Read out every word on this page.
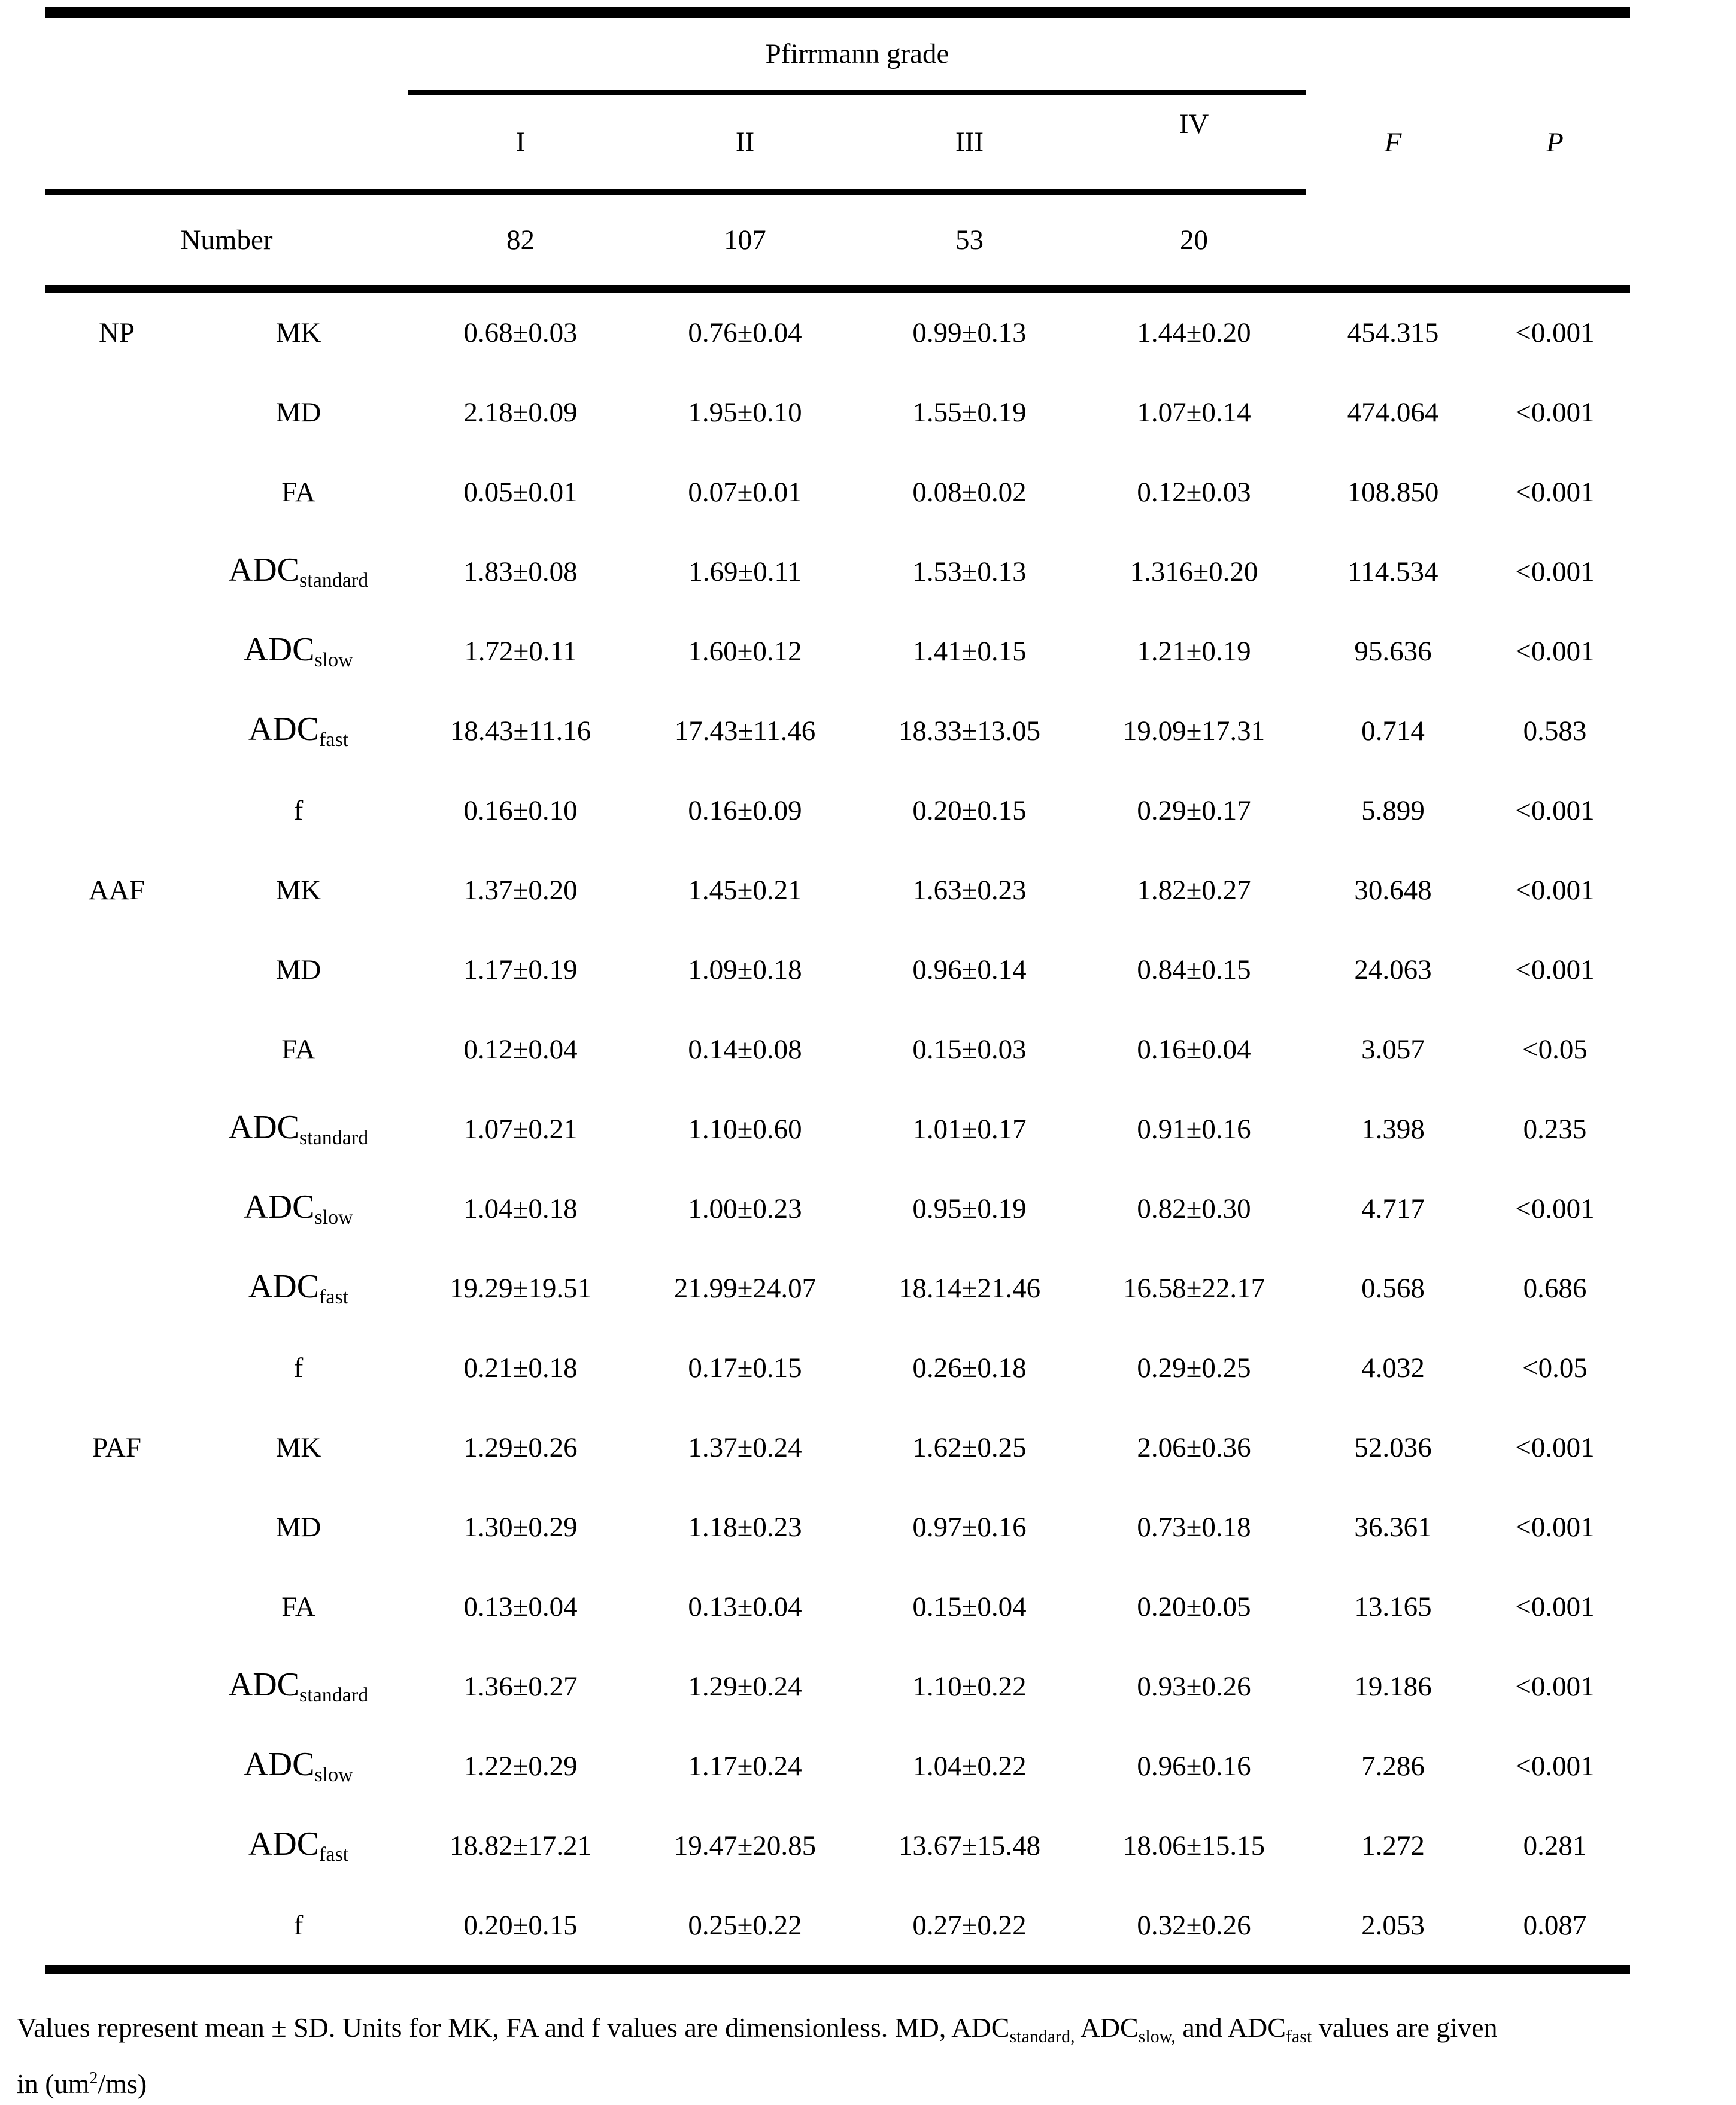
		Pfirrmann grade					
		I	II	III	IV	F	P
Number		82	107	53	20		
NP	MK	0.68±0.03	0.76±0.04	0.99±0.13	1.44±0.20	454.315	<0.001
	MD	2.18±0.09	1.95±0.10	1.55±0.19	1.07±0.14	474.064	<0.001
	FA	0.05±0.01	0.07±0.01	0.08±0.02	0.12±0.03	108.850	<0.001
	$ADC_{standard}$	1.83±0.08	1.69±0.11	1.53±0.13	1.316±0.20	114.534	<0.001
	$ADC_{slow}$	1.72±0.11	1.60±0.12	1.41±0.15	1.21±0.19	95.636	<0.001
	$ADC_{fast}$	18.43±11.16	17.43±11.46	18.33±13.05	19.09±17.31	0.714	0.583
	f	0.16±0.10	0.16±0.09	0.20±0.15	0.29±0.17	5.899	<0.001
AAF	MK	1.37±0.20	1.45±0.21	1.63±0.23	1.82±0.27	30.648	<0.001
	MD	1.17±0.19	1.09±0.18	0.96±0.14	0.84±0.15	24.063	<0.001
	FA	0.12±0.04	0.14±0.08	0.15±0.03	0.16±0.04	3.057	<0.05
	$ADC_{standard}$	1.07±0.21	1.10±0.60	1.01±0.17	0.91±0.16	1.398	0.235
	$ADC_{slow}$	1.04±0.18	1.00±0.23	0.95±0.19	0.82±0.30	4.717	<0.001
	$ADC_{fast}$	19.29±19.51	21.99±24.07	18.14±21.46	16.58±22.17	0.568	0.686
	f	0.21±0.18	0.17±0.15	0.26±0.18	0.29±0.25	4.032	<0.05
PAF	MK	1.29±0.26	1.37±0.24	1.62±0.25	2.06±0.36	52.036	<0.001
	MD	1.30±0.29	1.18±0.23	0.97±0.16	0.73±0.18	36.361	<0.001
	FA	0.13±0.04	0.13±0.04	0.15±0.04	0.20±0.05	13.165	<0.001
	$ADC_{standard}$	1.36±0.27	1.29±0.24	1.10±0.22	0.93±0.26	19.186	<0.001
	$ADC_{slow}$	1.22±0.29	1.17±0.24	1.04±0.22	0.96±0.16	7.286	<0.001
	$ADC_{fast}$	18.82±17.21	19.47±20.85	13.67±15.48	18.06±15.15	1.272	0.281
	f	0.20±0.15	0.25±0.22	0.27±0.22	0.32±0.26	2.053	0.087
Values represent mean ± SD. Units for MK, FA and f values are dimensionless. MD, ADCstandard, ADCslow, and ADCfast values are given
in (um$^2$/ms)
